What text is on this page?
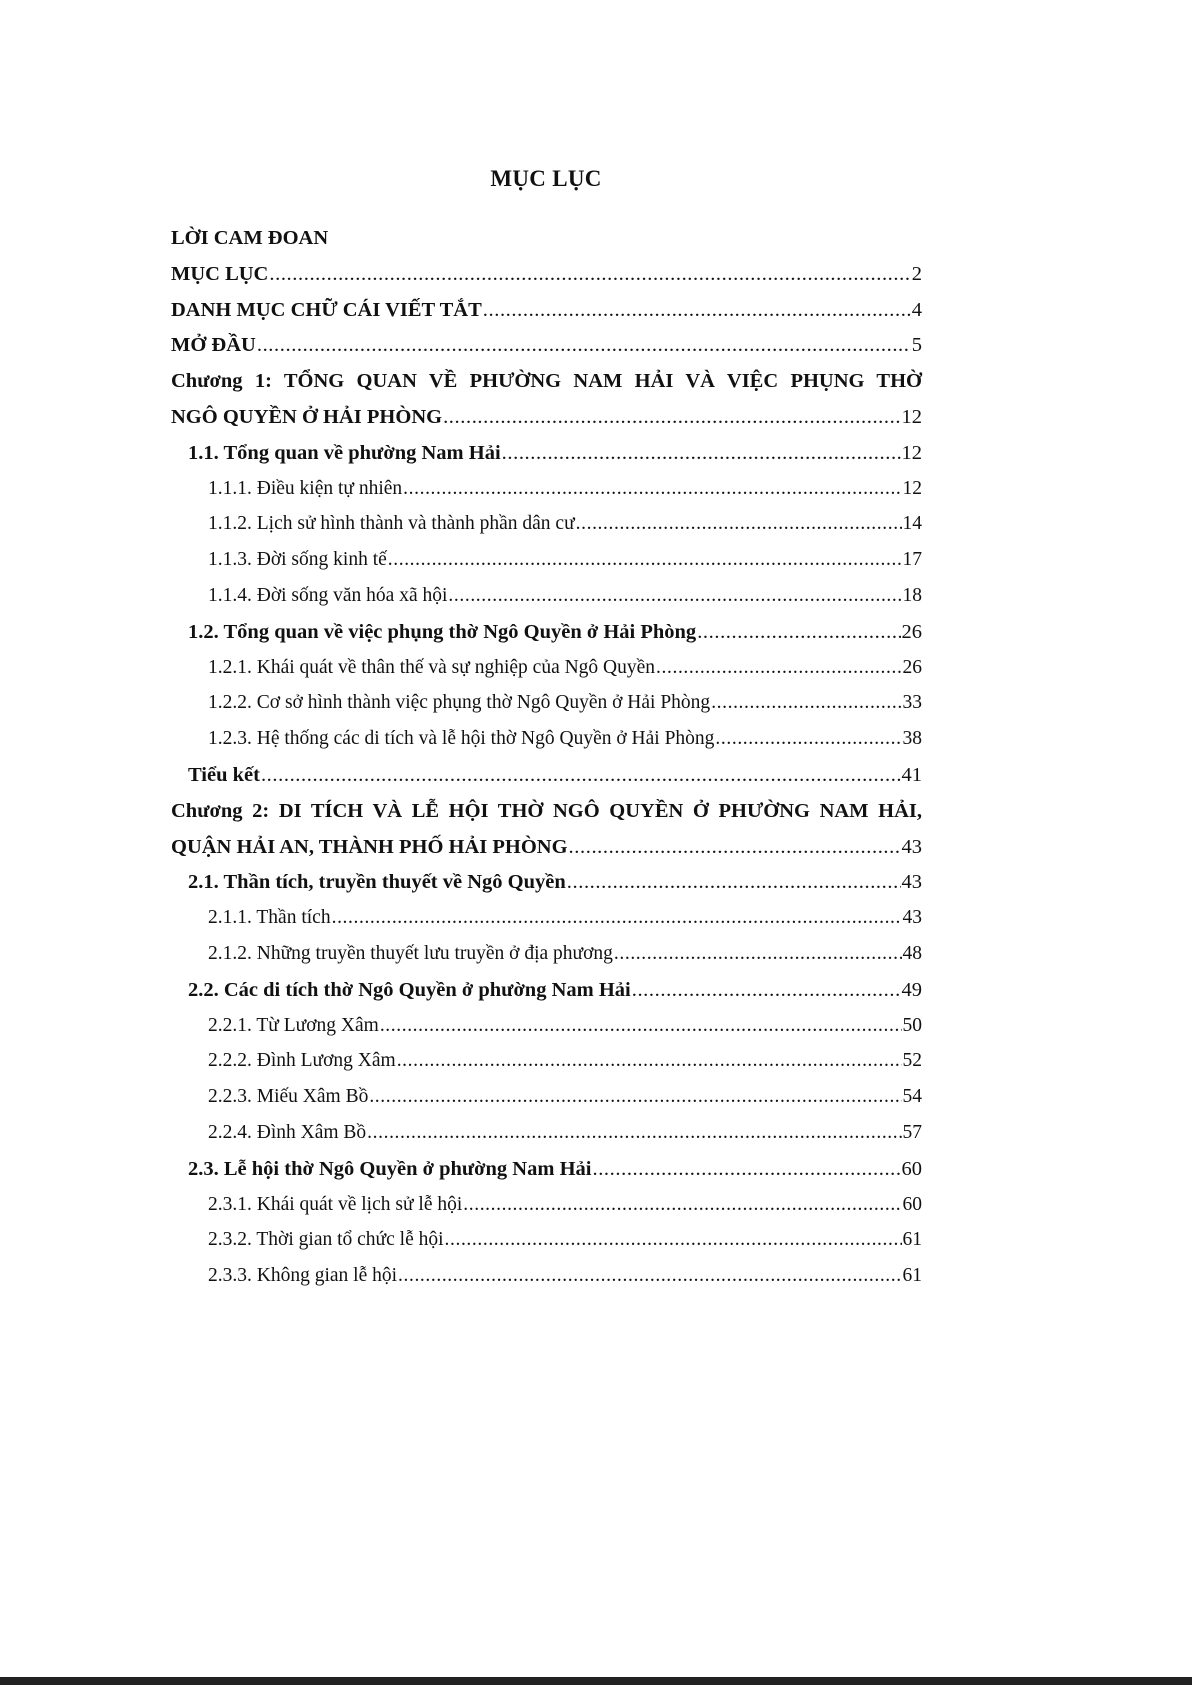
MỤC LỤC
LỜI CAM ĐOAN
MỤC LỤC .....	2
DANH MỤC CHỮ CÁI VIẾT TẮT .....	4
MỞ ĐẦU .....	5
Chương 1: TỔNG QUAN VỀ PHƯỜNG NAM HẢI VÀ VIỆC PHỤNG THỜ
NGÔ QUYỀN Ở HẢI PHÒNG .....	12
1.1. Tổng quan về phường Nam Hải .....	12
1.1.1. Điều kiện tự nhiên .....	12
1.1.2. Lịch sử hình thành và thành phần dân cư .....	14
1.1.3. Đời sống kinh tế .....	17
1.1.4. Đời sống văn hóa xã hội .....	18
1.2. Tổng quan về việc phụng thờ Ngô Quyền ở Hải Phòng .....	26
1.2.1. Khái quát về thân thế và sự nghiệp của Ngô Quyền .....	26
1.2.2. Cơ sở hình thành việc phụng thờ Ngô Quyền ở Hải Phòng .....	33
1.2.3. Hệ thống các di tích và lễ hội thờ Ngô Quyền ở Hải Phòng .....	38
Tiểu kết .....	41
Chương 2: DI TÍCH VÀ LỄ HỘI THỜ NGÔ QUYỀN Ở PHƯỜNG NAM HẢI,
QUẬN HẢI AN, THÀNH PHỐ HẢI PHÒNG .....	43
2.1. Thần tích, truyền thuyết về Ngô Quyền .....	43
2.1.1. Thần tích .....	43
2.1.2. Những truyền thuyết lưu truyền ở địa phương .....	48
2.2. Các di tích thờ Ngô Quyền ở phường Nam Hải .....	49
2.2.1. Từ Lương Xâm .....	50
2.2.2. Đình Lương Xâm .....	52
2.2.3. Miếu Xâm Bồ .....	54
2.2.4. Đình Xâm Bồ .....	57
2.3. Lễ hội thờ Ngô Quyền ở phường Nam Hải .....	60
2.3.1. Khái quát về lịch sử lễ hội .....	60
2.3.2. Thời gian tổ chức lễ hội .....	61
2.3.3. Không gian lễ hội .....	61
